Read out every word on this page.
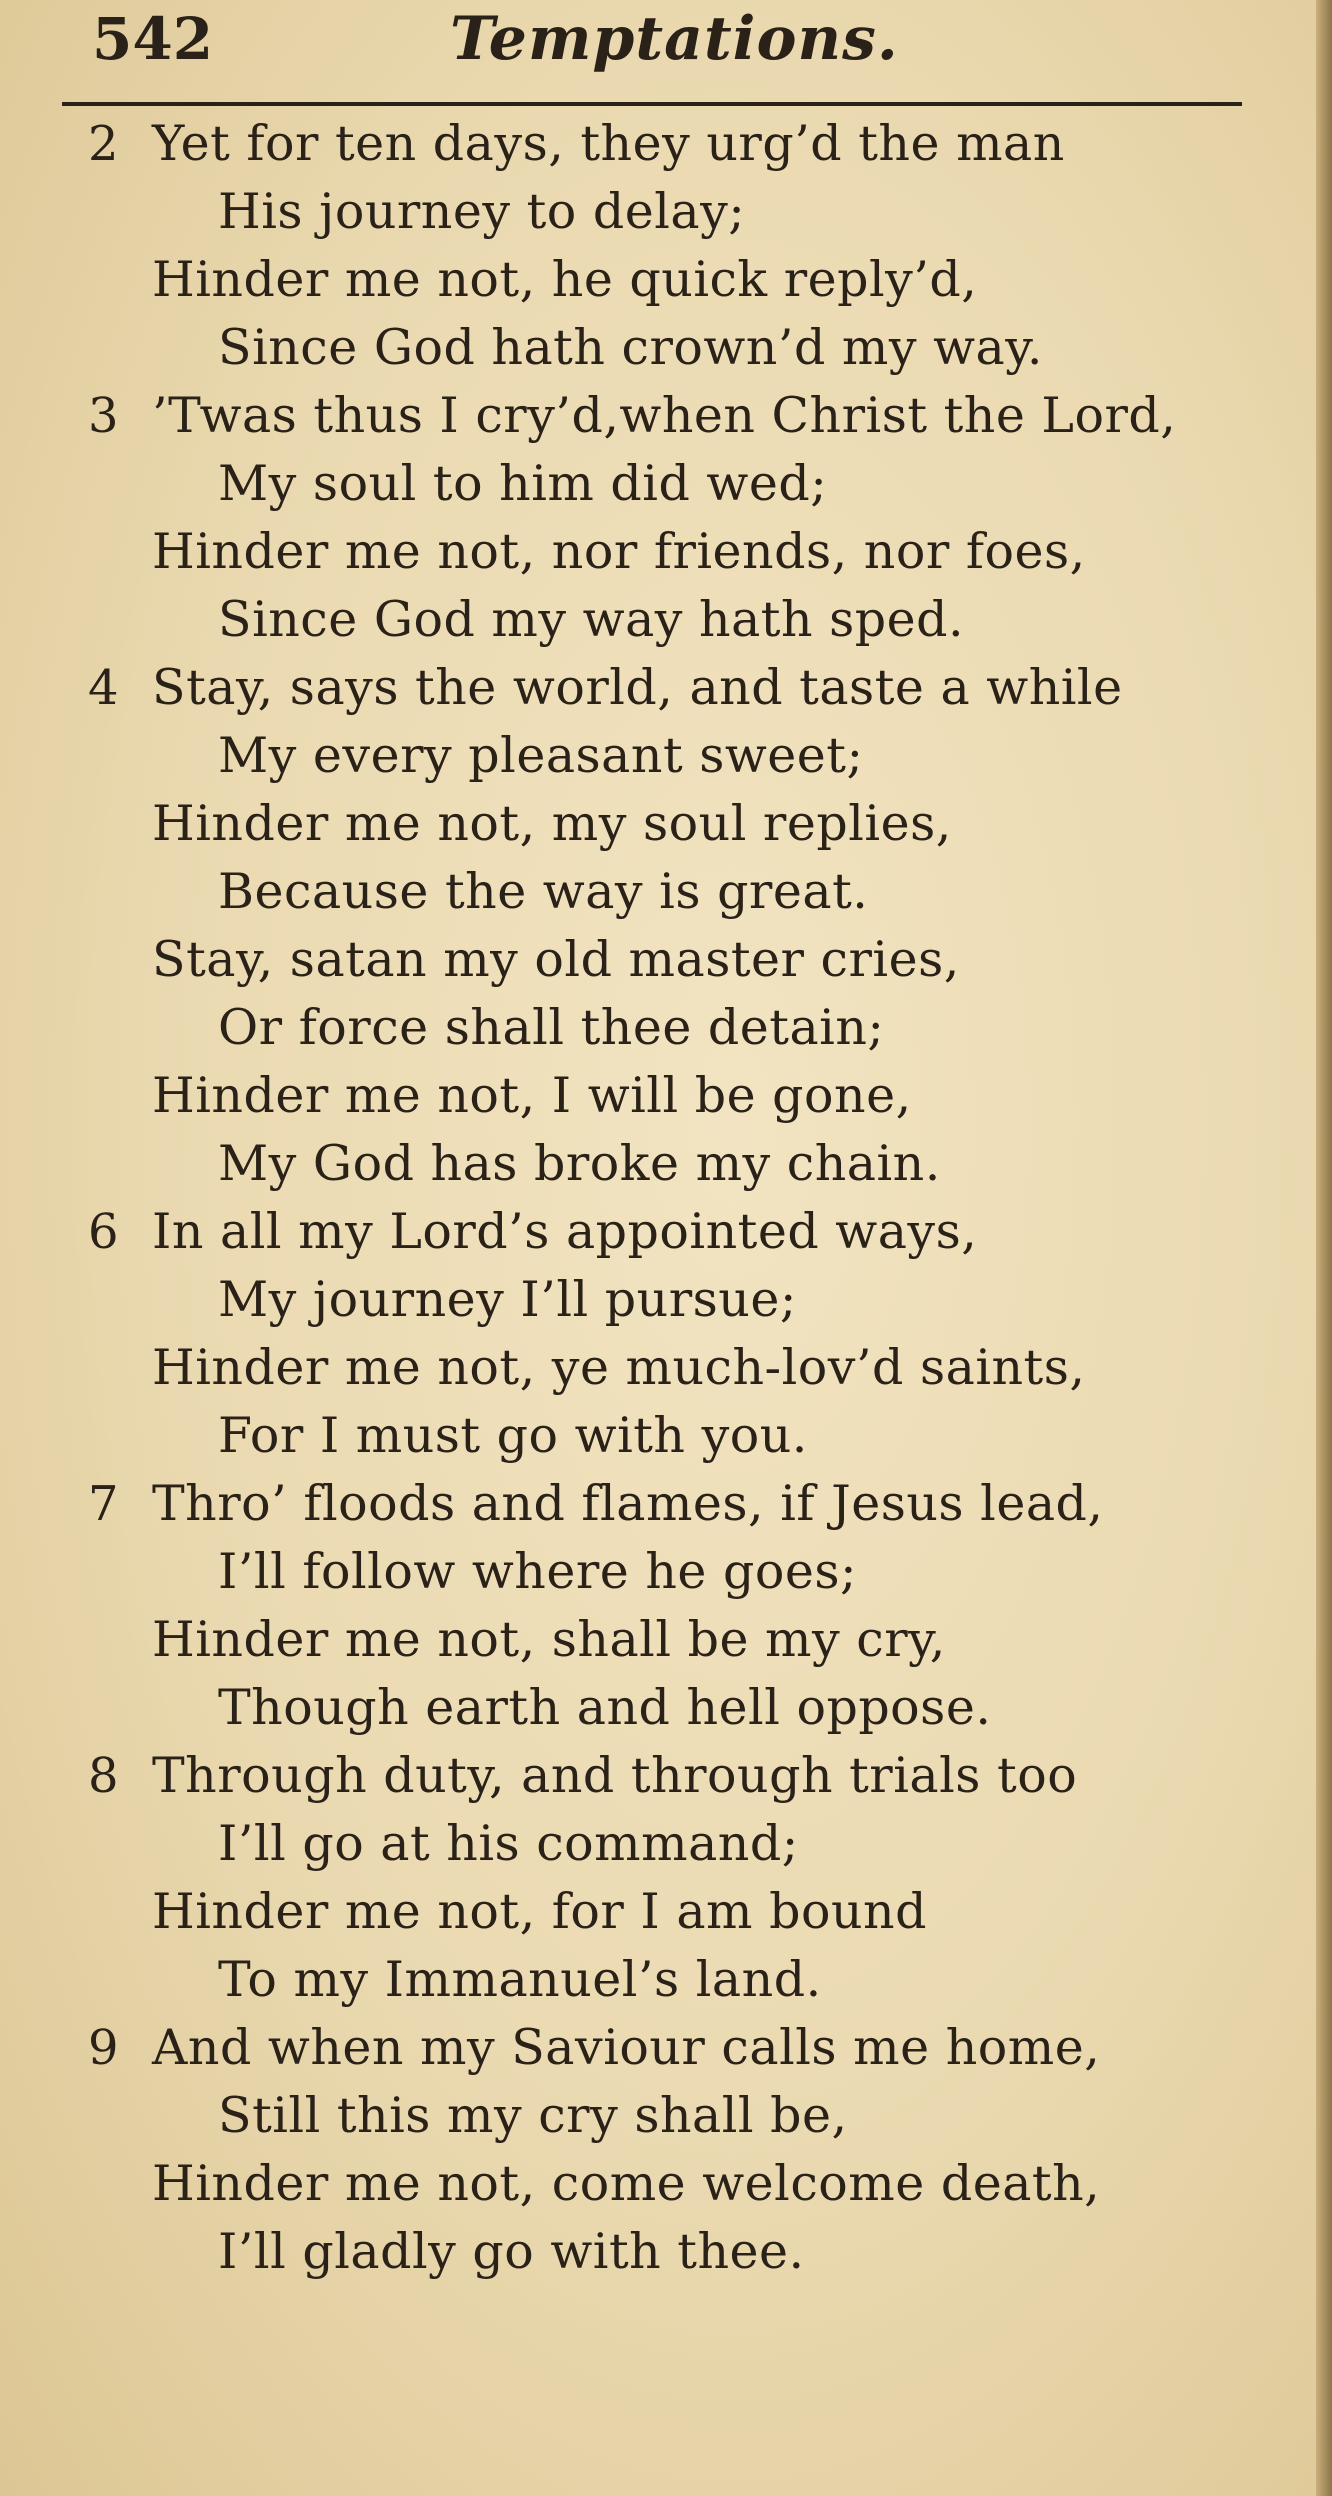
542	Temptations.
2 Yet for ten days, they urg’d the man
His journey to delay;
Hinder me not, he quick reply’d,
Since God hath crown’d my way.
3 ’Twas thus I cry’d,when Christ the Lord,
My soul to him did wed;
Hinder me not, nor friends, nor foes,
Since God my way hath sped.
4 Stay, says the world, and taste a while
My every pleasant sweet;
Hinder me not, my soul replies,
Because the way is great.
Stay, satan my old master cries,
Or force shall thee detain;
Hinder me not, I will be gone,
My God has broke my chain.
6 In all my Lord’s appointed ways,
My journey I’ll pursue;
Hinder me not, ye much-lov’d saints,
For I must go with you.
7 Thro’ floods and flames, if Jesus lead,
I’ll follow where he goes;
Hinder me not, shall be my cry,
Though earth and hell oppose.
8 Through duty, and through trials too
I’ll go at his command;
Hinder me not, for I am bound
To my Immanuel’s land.
9 And when my Saviour calls me home,
Still this my cry shall be,
Hinder me not, come welcome death,
I’ll gladly go with thee.
